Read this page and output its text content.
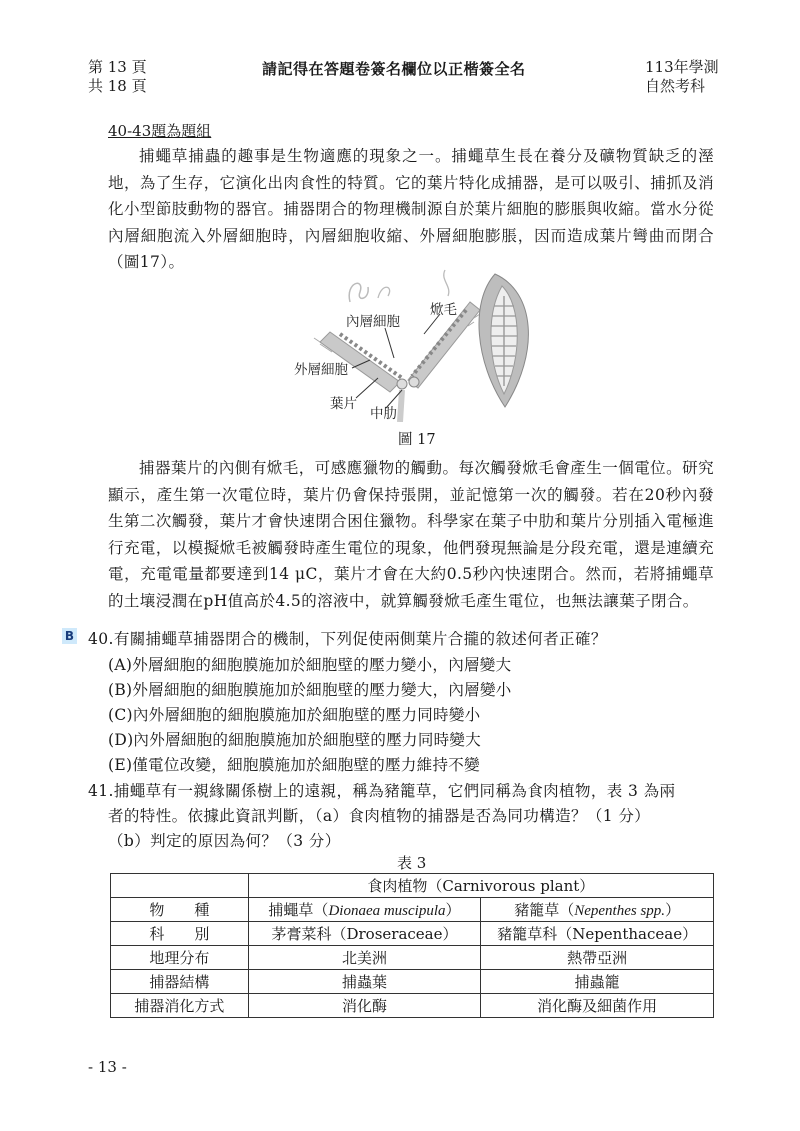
第 13 頁
共 18 頁
請記得在答題卷簽名欄位以正楷簽全名	113年學測
自然考科
40-43題為題組
捕蠅草捕蟲的趣事是生物適應的現象之一。捕蠅草生長在養分及礦物質缺乏的溼地，為了生存，它演化出肉食性的特質。它的葉片特化成捕器，是可以吸引、捕抓及消化小型節肢動物的器官。捕器閉合的物理機制源自於葉片細胞的膨脹與收縮。當水分從內層細胞流入外層細胞時，內層細胞收縮、外層細胞膨脹，因而造成葉片彎曲而閉合（圖17）。
內層細胞
焮毛
外層細胞
葉片
中肋
圖 17
捕器葉片的內側有焮毛，可感應獵物的觸動。每次觸發焮毛會產生一個電位。研究顯示，產生第一次電位時，葉片仍會保持張開，並記憶第一次的觸發。若在20秒內發生第二次觸發，葉片才會快速閉合困住獵物。科學家在葉子中肋和葉片分別插入電極進行充電，以模擬焮毛被觸發時產生電位的現象，他們發現無論是分段充電，還是連續充電，充電電量都要達到14 μC，葉片才會在大約0.5秒內快速閉合。然而，若將捕蠅草的土壤浸潤在pH值高於4.5的溶液中，就算觸發焮毛產生電位，也無法讓葉子閉合。
B 40.有關捕蠅草捕器閉合的機制，下列促使兩側葉片合攏的敘述何者正確？
(A)外層細胞的細胞膜施加於細胞壁的壓力變小，內層變大
(B)外層細胞的細胞膜施加於細胞壁的壓力變大，內層變小
(C)內外層細胞的細胞膜施加於細胞壁的壓力同時變小
(D)內外層細胞的細胞膜施加於細胞壁的壓力同時變大
(E)僅電位改變，細胞膜施加於細胞壁的壓力維持不變
41.捕蠅草有一親緣關係樹上的遠親，稱為豬籠草，它們同稱為食肉植物，表 3 為兩
者的特性。依據此資訊判斷，（a）食肉植物的捕器是否為同功構造？（1 分）
（b）判定的原因為何？（3 分）
表 3
	食肉植物（Carnivorous plant）	
物　　種	捕蠅草（Dionaea muscipula）	豬籠草（Nepenthes spp.）
科　　別	茅膏菜科（Droseraceae）	豬籠草科（Nepenthaceae）
地理分布	北美洲	熱帶亞洲
捕器結構	捕蟲葉	捕蟲籠
捕器消化方式	消化酶	消化酶及細菌作用
- 13 -
